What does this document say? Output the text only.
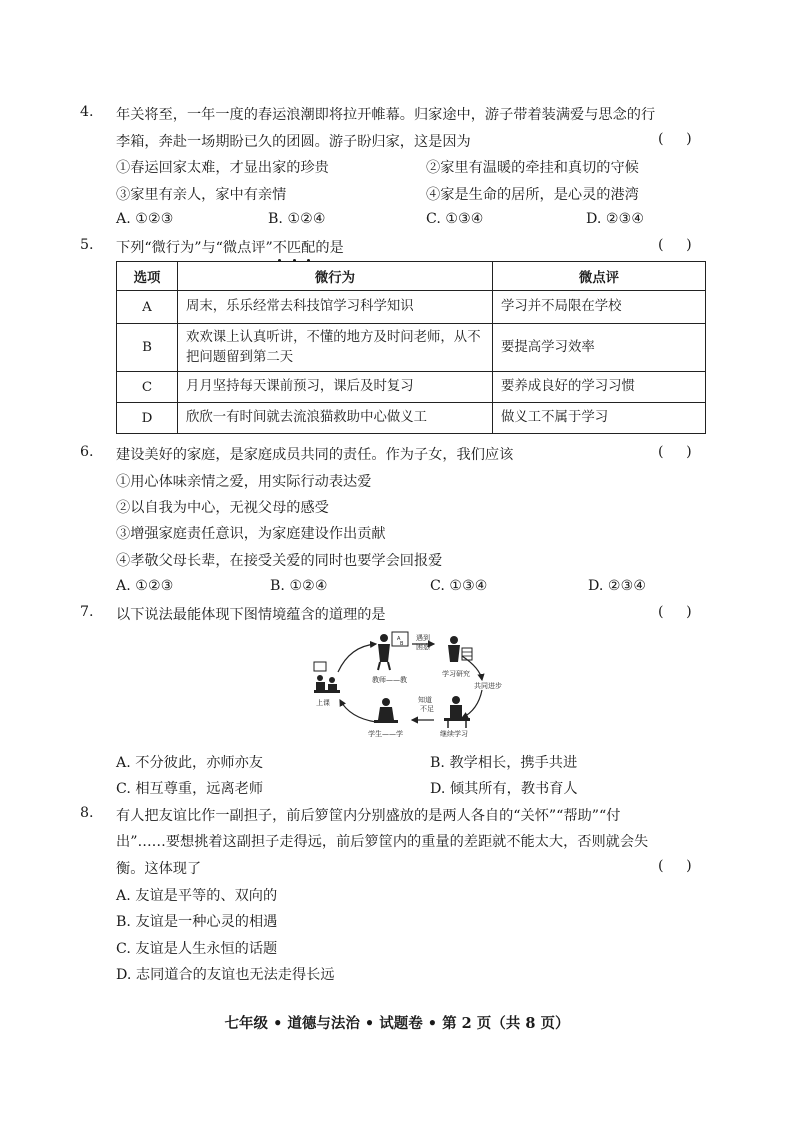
4. 年关将至，一年一度的春运浪潮即将拉开帷幕。归家途中，游子带着装满爱与思念的行
李箱，奔赴一场期盼已久的团圆。游子盼归家，这是因为	(     )
①春运回家太难，才显出家的珍贵	②家里有温暖的牵挂和真切的守候
③家里有亲人，家中有亲情	④家是生命的居所，是心灵的港湾
A. ①②③	B. ①②④	C. ①③④	D. ②③④
5. 下列“微行为”与“微点评”不匹配的是	(     )
选项	微行为	微点评
A	周末，乐乐经常去科技馆学习科学知识	学习并不局限在学校
B	欢欢课上认真听讲，不懂的地方及时问老师，从不把问题留到第二天	要提高学习效率
C	月月坚持每天课前预习，课后及时复习	要养成良好的学习习惯
D	欣欣一有时间就去流浪猫救助中心做义工	做义工不属于学习
6. 建设美好的家庭，是家庭成员共同的责任。作为子女，我们应该	(     )
①用心体味亲情之爱，用实际行动表达爱
②以自我为中心，无视父母的感受
③增强家庭责任意识，为家庭建设作出贡献
④孝敬父母长辈，在接受关爱的同时也要学会回报爱
A. ①②③	B. ①②④	C. ①③④	D. ②③④
7. 以下说法最能体现下图情境蕴含的道理的是	(     )
A
B
遇到
困惑
教师——教
学习研究
共同进步
上课	知道
不足
学生——学	继续学习
A. 不分彼此，亦师亦友	B. 教学相长，携手共进
C. 相互尊重，远离老师	D. 倾其所有，教书育人
8. 有人把友谊比作一副担子，前后箩筐内分别盛放的是两人各自的“关怀”“帮助”“付
出”……要想挑着这副担子走得远，前后箩筐内的重量的差距就不能太大，否则就会失
衡。这体现了	(     )
A. 友谊是平等的、双向的
B. 友谊是一种心灵的相遇
C. 友谊是人生永恒的话题
D. 志同道合的友谊也无法走得长远
七年级 • 道德与法治 • 试题卷 • 第 2 页（共 8 页）
